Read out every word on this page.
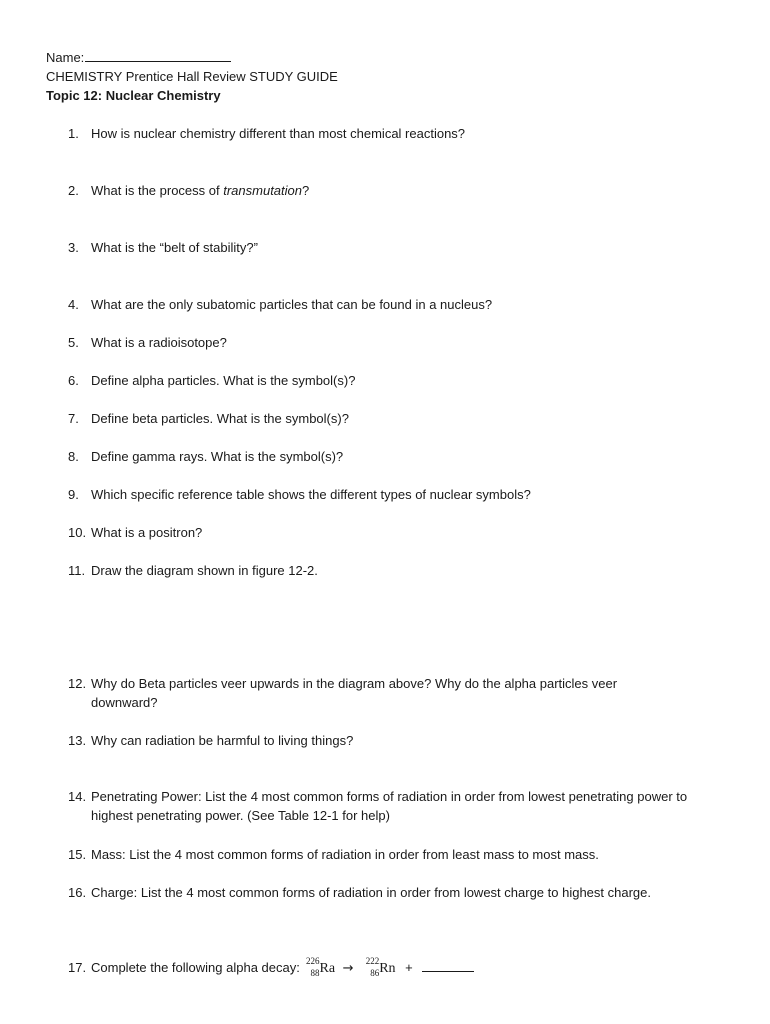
Name:
CHEMISTRY Prentice Hall Review STUDY GUIDE
Topic 12: Nuclear Chemistry
1. How is nuclear chemistry different than most chemical reactions?
2. What is the process of transmutation?
3. What is the “belt of stability?”
4. What are the only subatomic particles that can be found in a nucleus?
5. What is a radioisotope?
6. Define alpha particles. What is the symbol(s)?
7. Define beta particles. What is the symbol(s)?
8. Define gamma rays. What is the symbol(s)?
9. Which specific reference table shows the different types of nuclear symbols?
10. What is a positron?
11. Draw the diagram shown in figure 12-2.
12. Why do Beta particles veer upwards in the diagram above? Why do the alpha particles veer downward?
13. Why can radiation be harmful to living things?
14. Penetrating Power: List the 4 most common forms of radiation in order from lowest penetrating power to highest penetrating power. (See Table 12-1 for help)
15. Mass: List the 4 most common forms of radiation in order from least mass to most mass.
16. Charge: List the 4 most common forms of radiation in order from lowest charge to highest charge.
17. Complete the following alpha decay: 226
88 Ra → 222
86 Rn +
